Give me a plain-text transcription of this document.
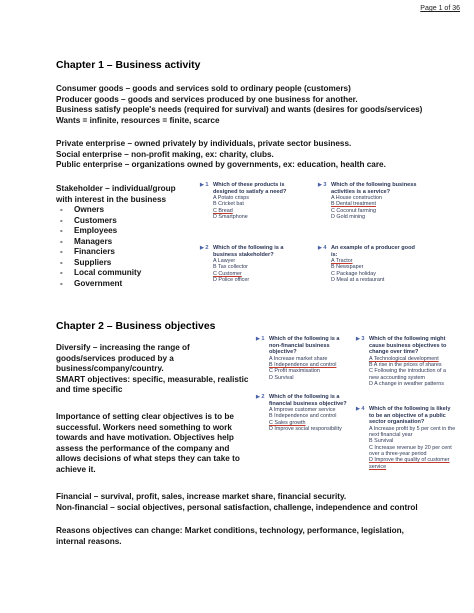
Page 1 of 36
Chapter 1 – Business activity
Consumer goods – goods and services sold to ordinary people (customers)
Producer goods – goods and services produced by one business for another.
Business satisfy people's needs (required for survival) and wants (desires for goods/services)
Wants = infinite, resources = finite, scarce
Private enterprise – owned privately by individuals, private sector business.
Social enterprise – non-profit making, ex: charity, clubs.
Public enterprise – organizations owned by governments, ex: education, health care.
Stakeholder – individual/group
with interest in the business
- Owners
- Customers
- Employees
- Managers
- Financiers
- Suppliers
- Local community
- Government
▶ 1 Which of these products is designed to satisfy a need?
A Potato crisps
B Cricket bat
C Bread
D Smartphone
▶ 3 Which of the following business activities is a service?
A House construction
B Dental treatment
C Coconut farming
D Gold mining
▶ 2 Which of the following is a business stakeholder?
A Lawyer
B Tax collector
C Customer
D Police officer
▶ 4 An example of a producer good is:
A Tractor
B Newspaper
C Package holiday
D Meal at a restaurant
Chapter 2 – Business objectives
Diversify – increasing the range of
goods/services produced by a
business/company/country.
SMART objectives: specific, measurable, realistic
and time specific
Importance of setting clear objectives is to be
successful. Workers need something to work
towards and have motivation. Objectives help
assess the performance of the company and
allows decisions of what steps they can take to
achieve it.
Financial – survival, profit, sales, increase market share, financial security.
Non-financial – social objectives, personal satisfaction, challenge, independence and control
Reasons objectives can change: Market conditions, technology, performance, legislation,
internal reasons.
▶ 1 Which of the following is a non-financial business objective?
A Increase market share
B Independence and control
C Profit maximisation
D Survival
▶ 3 Which of the following might cause business objectives to change over time?
A Technological development
B A rise in the prices of shares
C Following the introduction of a new accounting system
D A change in weather patterns
▶ 2 Which of the following is a financial business objective?
A Improve customer service
B Independence and control
C Sales growth
D Improve social responsibility
▶ 4 Which of the following is likely to be an objective of a public sector organisation?
A Increase profit by 5 per cent in the next financial year
B Survival
C Increase revenue by 20 per cent over a three-year period
D Improve the quality of customer service
